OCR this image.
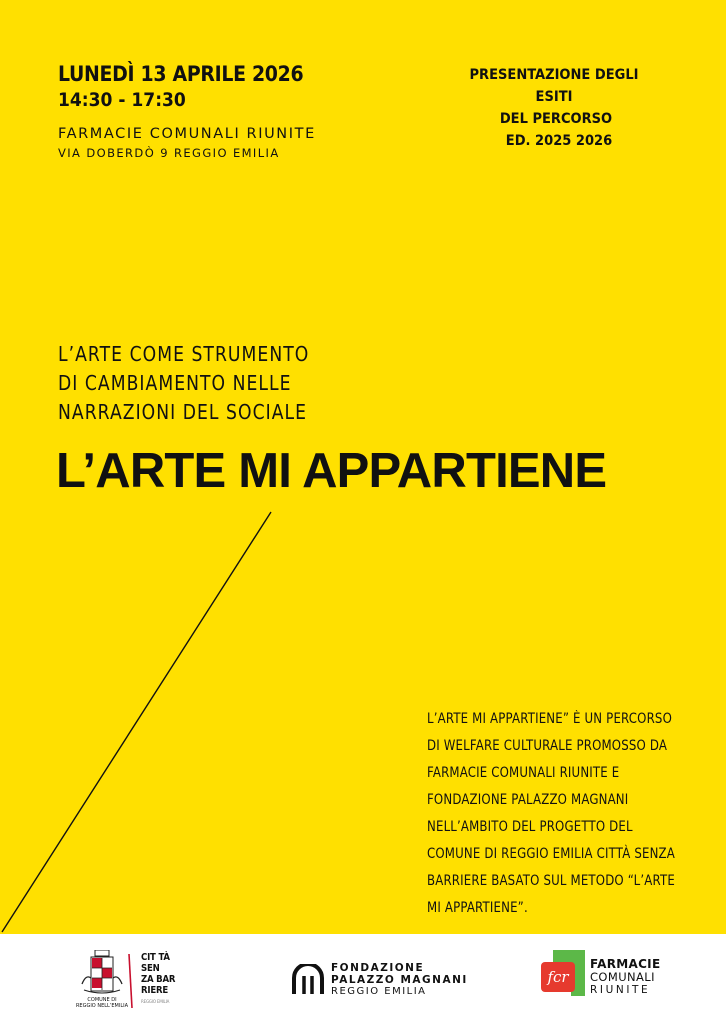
LUNEDÌ 13 APRILE 2026
14:30 - 17:30
FARMACIE COMUNALI RIUNITE
VIA DOBERDÒ 9 REGGIO EMILIA
PRESENTAZIONE DEGLI ESITI
DEL PERCORSO
ED. 2025 2026
L’ARTE COME STRUMENTO
DI CAMBIAMENTO NELLE
NARRAZIONI DEL SOCIALE
L’ARTE MI APPARTIENE
L’ARTE MI APPARTIENE” È UN PERCORSO
DI WELFARE CULTURALE PROMOSSO DA
FARMACIE COMUNALI RIUNITE E
FONDAZIONE PALAZZO MAGNANI
NELL’AMBITO DEL PROGETTO DEL
COMUNE DI REGGIO EMILIA CITTÀ SENZA
BARRIERE BASATO SUL METODO “L’ARTE
MI APPARTIENE”.
COMUNE DI
REGGIO NELL’EMILIA
CIT TÀ
SEN
ZA BAR
RIERE
REGGIO EMILIA
FONDAZIONE
PALAZZO MAGNANI
REGGIO EMILIA
fcr
FARMACIE
COMUNALI
RIUNITE
